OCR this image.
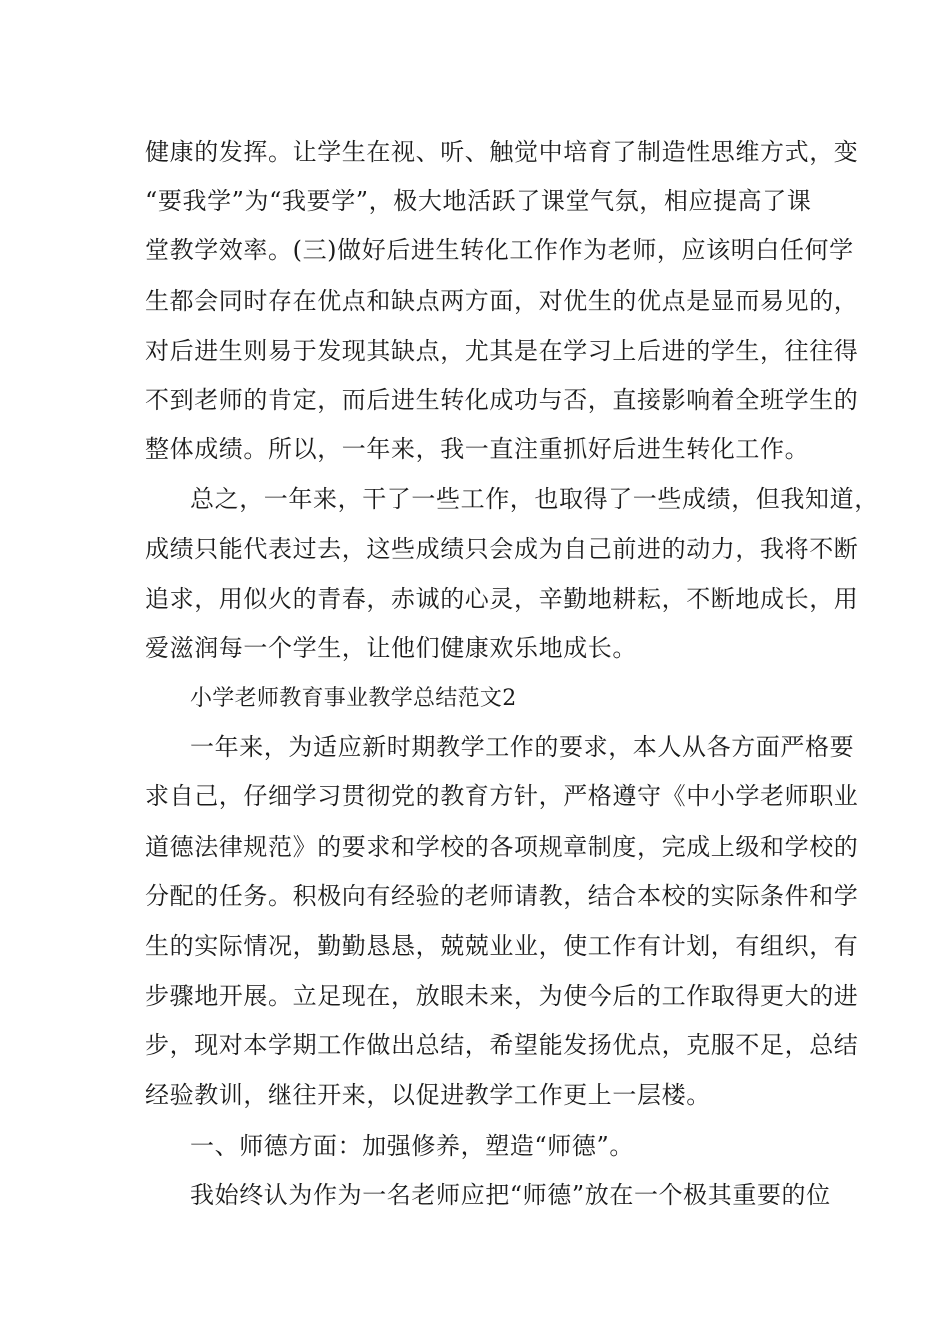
健康的发挥。让学生在视、听、触觉中培育了制造性思维方式，变
“要我学”为“我要学”，极大地活跃了课堂气氛，相应提高了课
堂教学效率。(三)做好后进生转化工作作为老师，应该明白任何学
生都会同时存在优点和缺点两方面，对优生的优点是显而易见的，
对后进生则易于发现其缺点，尤其是在学习上后进的学生，往往得
不到老师的肯定，而后进生转化成功与否，直接影响着全班学生的
整体成绩。所以，一年来，我一直注重抓好后进生转化工作。
总之，一年来，干了一些工作，也取得了一些成绩，但我知道，
成绩只能代表过去，这些成绩只会成为自己前进的动力，我将不断
追求，用似火的青春，赤诚的心灵，辛勤地耕耘，不断地成长，用
爱滋润每一个学生，让他们健康欢乐地成长。
小学老师教育事业教学总结范文2
一年来，为适应新时期教学工作的要求，本人从各方面严格要
求自己，仔细学习贯彻党的教育方针，严格遵守《中小学老师职业
道德法律规范》的要求和学校的各项规章制度，完成上级和学校的
分配的任务。积极向有经验的老师请教，结合本校的实际条件和学
生的实际情况，勤勤恳恳，兢兢业业，使工作有计划，有组织，有
步骤地开展。立足现在，放眼未来，为使今后的工作取得更大的进
步，现对本学期工作做出总结，希望能发扬优点，克服不足，总结
经验教训，继往开来，以促进教学工作更上一层楼。
一、师德方面：加强修养，塑造“师德”。
我始终认为作为一名老师应把“师德”放在一个极其重要的位
